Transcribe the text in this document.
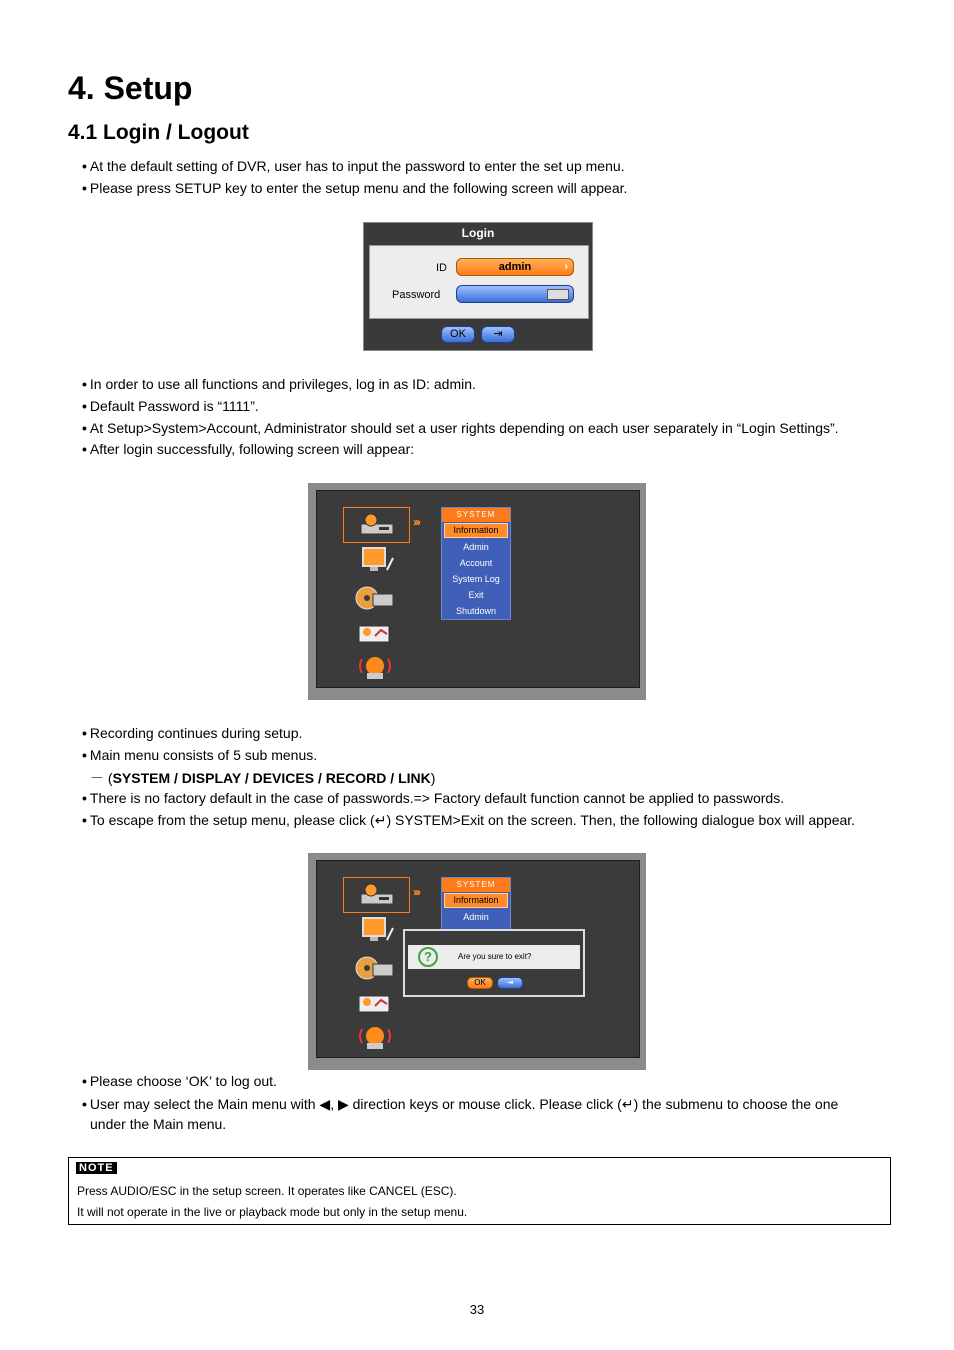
4. Setup
4.1 Login / Logout
• At the default setting of DVR, user has to input the password to enter the set up menu.
• Please press SETUP key to enter the setup menu and the following screen will appear.
Login
ID	admin	›
Password
OK	⇥
• In order to use all functions and privileges, log in as ID: admin.
• Default Password is “1111”.
• At Setup>System>Account, Administrator should set a user rights depending on each user separately in “Login Settings”.
• After login successfully, following screen will appear:
›››
SYSTEM
Information
Admin
Account
System Log
Exit
Shutdown
• Recording continues during setup.
• Main menu consists of 5 sub menus.
－ (SYSTEM / DISPLAY / DEVICES / RECORD / LINK)
• There is no factory default in the case of passwords.=> Factory default function cannot be applied to passwords.
• To escape from the setup menu, please click (↵) SYSTEM>Exit on the screen. Then, the following dialogue box will appear.
›››
SYSTEM
Information
Admin
?	Are you sure to exit?
OK	⇥
• Please choose ‘OK’ to log out.
• User may select the Main menu with ◀, ▶ direction keys or mouse click. Please click (↵) the submenu to choose the one
under the Main menu.
NOTE
Press AUDIO/ESC in the setup screen. It operates like CANCEL (ESC).
It will not operate in the live or playback mode but only in the setup menu.
33
